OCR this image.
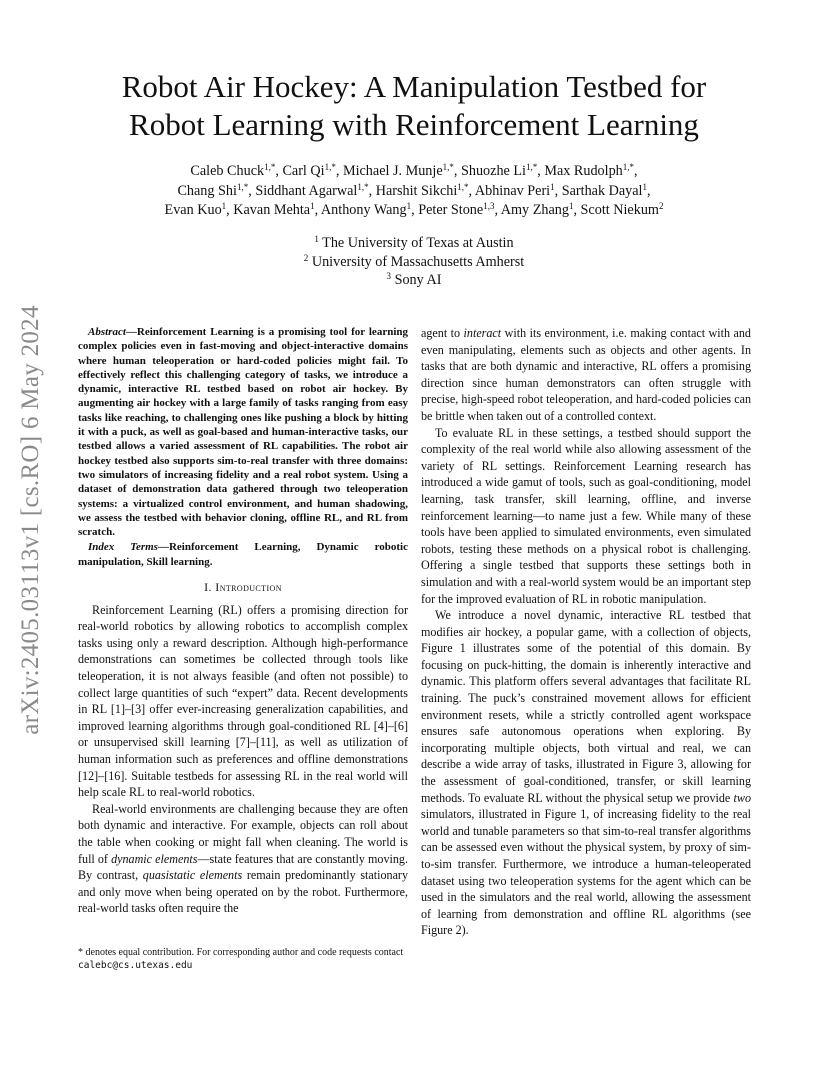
arXiv:2405.03113v1 [cs.RO] 6 May 2024
Robot Air Hockey: A Manipulation Testbed for
Robot Learning with Reinforcement Learning
Caleb Chuck$^{1,*}$, Carl $Qi^{1,*}$, Michael J. Munje$^{1,*}$, Shuozhe $Li^{1,*}$, Max Rudolph$^{1,*}$,
Chang Shi$^{1,*}$, Siddhant Agarwal$^{1,*}$, Harshit Sikchi$^{1,*}$, Abhinav Peri$^1$, Sarthak Dayal$^1$,
Evan Kuo$^1$, Kavan Mehta$^1$, Anthony Wang$^1$, Peter Stone$^{1,3}$, Amy Zhang$^1$, Scott Niekum$^2$
$^1$ The University of Texas at Austin
$^2$ University of Massachusetts Amherst
$^3$ Sony AI

Abstract—Reinforcement Learning is a promising tool for learning complex policies even in fast-moving and object-interactive domains where human teleoperation or hard-coded policies might fail. To effectively reflect this challenging category of tasks, we introduce a dynamic, interactive RL testbed based on robot air hockey. By augmenting air hockey with a large family of tasks ranging from easy tasks like reaching, to challenging ones like pushing a block by hitting it with a puck, as well as goal-based and human-interactive tasks, our testbed allows a varied assessment of RL capabilities. The robot air hockey testbed also supports sim-to-real transfer with three domains: two simulators of increasing fidelity and a real robot system. Using a dataset of demonstration data gathered through two teleoperation systems: a virtualized control environment, and human shadowing, we assess the testbed with behavior cloning, offline RL, and RL from scratch.

Index Terms—Reinforcement Learning, Dynamic robotic manipulation, Skill learning.

I. Introduction

Reinforcement Learning (RL) offers a promising direction for real-world robotics by allowing robotics to accomplish complex tasks using only a reward description. Although high-performance demonstrations can sometimes be collected through tools like teleoperation, it is not always feasible (and often not possible) to collect large quantities of such “expert” data. Recent developments in RL [1]–[3] offer ever-increasing generalization capabilities, and improved learning algorithms through goal-conditioned RL [4]–[6] or unsupervised skill learning [7]–[11], as well as utilization of human information such as preferences and offline demonstrations [12]–[16]. Suitable testbeds for assessing RL in the real world will help scale RL to real-world robotics.

Real-world environments are challenging because they are often both dynamic and interactive. For example, objects can roll about the table when cooking or might fall when cleaning. The world is full of dynamic elements—state features that are constantly moving. By contrast, quasistatic elements remain predominantly stationary and only move when being operated on by the robot. Furthermore, real-world tasks often require the

* denotes equal contribution. For corresponding author and code requests contact calebc@cs.utexas.edu

agent to interact with its environment, i.e. making contact with and even manipulating, elements such as objects and other agents. In tasks that are both dynamic and interactive, RL offers a promising direction since human demonstrators can often struggle with precise, high-speed robot teleoperation, and hard-coded policies can be brittle when taken out of a controlled context.

To evaluate RL in these settings, a testbed should support the complexity of the real world while also allowing assessment of the variety of RL settings. Reinforcement Learning research has introduced a wide gamut of tools, such as goal-conditioning, model learning, task transfer, skill learning, offline, and inverse reinforcement learning—to name just a few. While many of these tools have been applied to simulated environments, even simulated robots, testing these methods on a physical robot is challenging. Offering a single testbed that supports these settings both in simulation and with a real-world system would be an important step for the improved evaluation of RL in robotic manipulation.

We introduce a novel dynamic, interactive RL testbed that modifies air hockey, a popular game, with a collection of objects, Figure 1 illustrates some of the potential of this domain. By focusing on puck-hitting, the domain is inherently interactive and dynamic. This platform offers several advantages that facilitate RL training. The puck’s constrained movement allows for efficient environment resets, while a strictly controlled agent workspace ensures safe autonomous operations when exploring. By incorporating multiple objects, both virtual and real, we can describe a wide array of tasks, illustrated in Figure 3, allowing for the assessment of goal-conditioned, transfer, or skill learning methods. To evaluate RL without the physical setup we provide two simulators, illustrated in Figure 1, of increasing fidelity to the real world and tunable parameters so that sim-to-real transfer algorithms can be assessed even without the physical system, by proxy of sim-to-sim transfer. Furthermore, we introduce a human-teleoperated dataset using two teleoperation systems for the agent which can be used in the simulators and the real world, allowing the assessment of learning from demonstration and offline RL algorithms (see Figure 2).
